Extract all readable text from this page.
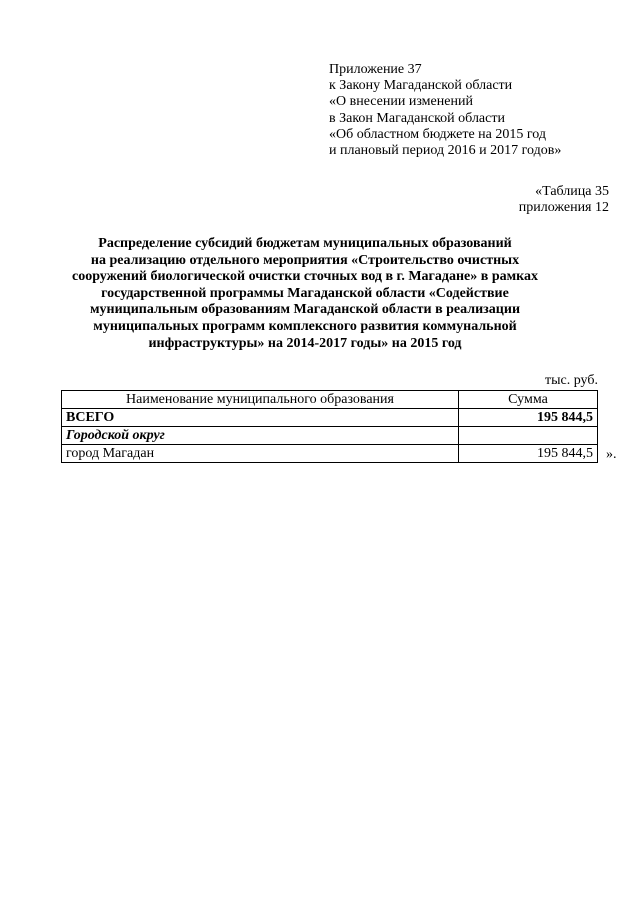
Приложение 37
к Закону Магаданской области
«О внесении изменений
в Закон Магаданской области
«Об областном бюджете на 2015 год
и плановый период 2016 и 2017 годов»
«Таблица 35
приложения 12
Распределение субсидий бюджетам муниципальных образований
на реализацию отдельного мероприятия «Строительство очистных
сооружений биологической очистки сточных вод в г. Магадане» в рамках
государственной программы Магаданской области «Содействие
муниципальным образованиям Магаданской области в реализации
муниципальных программ комплексного развития коммунальной
инфраструктуры» на 2014-2017 годы» на 2015 год
тыс. руб.
Наименование муниципального образования	Сумма
ВСЕГО	195 844,5
Городской округ	
город Магадан	195 844,5 ».
